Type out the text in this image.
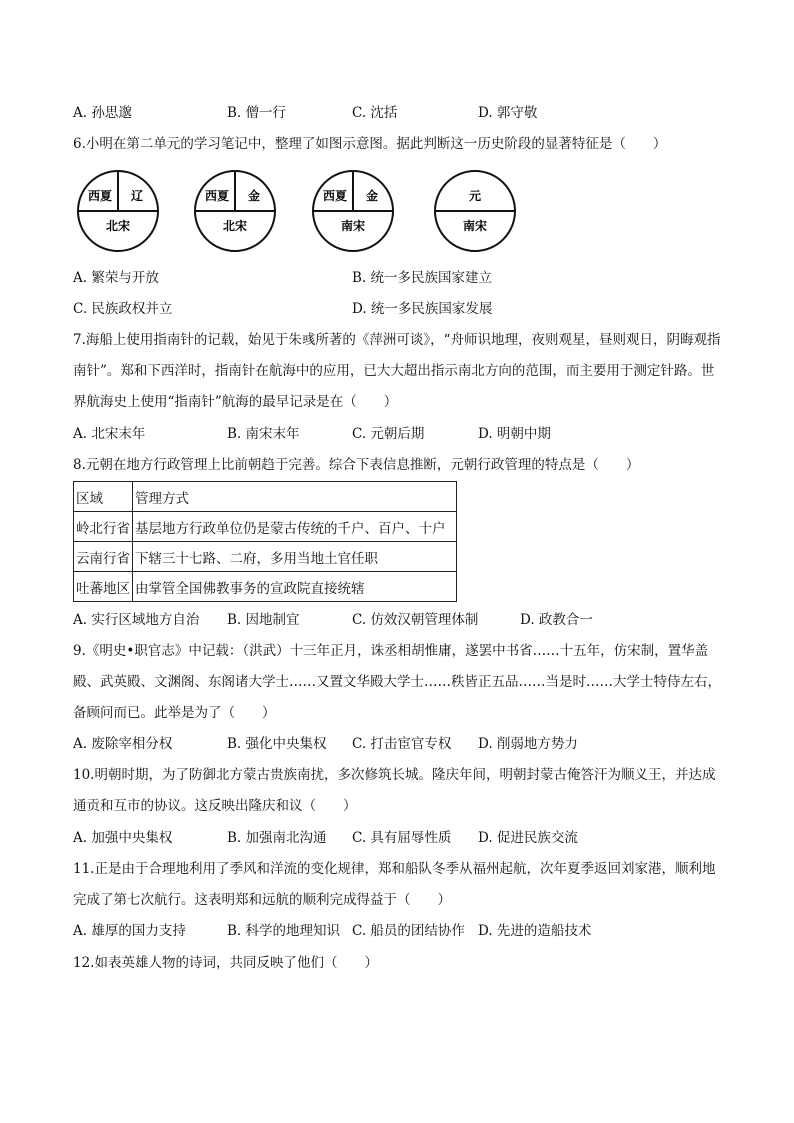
A. 孙思邈	B. 僧一行	C. 沈括	D. 郭守敬
6.小明在第二单元的学习笔记中，整理了如图示意图。据此判断这一历史阶段的显著特征是（　　）
西夏 辽
北宋
西夏 金
北宋
西夏 金
南宋
元
南宋
A. 繁荣与开放	B. 统一多民族国家建立
C. 民族政权并立	D. 统一多民族国家发展
7.海船上使用指南针的记载，始见于朱彧所著的《萍洲可谈》，“舟师识地理，夜则观星，昼则观日，阴晦观指南针”。郑和下西洋时，指南针在航海中的应用，已大大超出指示南北方向的范围，而主要用于测定针路。世界航海史上使用“指南针”航海的最早记录是在（　　）
A. 北宋末年	B. 南宋末年	C. 元朝后期	D. 明朝中期
8.元朝在地方行政管理上比前朝趋于完善。综合下表信息推断，元朝行政管理的特点是（　　）
区域	管理方式
岭北行省	基层地方行政单位仍是蒙古传统的千户、百户、十户
云南行省	下辖三十七路、二府，多用当地土官任职
吐蕃地区	由掌管全国佛教事务的宣政院直接统辖
A. 实行区域地方自治 B. 因地制宜	C. 仿效汉朝管理体制	D. 政教合一
9.《明史•职官志》中记载：（洪武）十三年正月，诛丞相胡惟庸，遂罢中书省……十五年，仿宋制，置华盖殿、武英殿、文渊阁、东阁诸大学士……又置文华殿大学士……秩皆正五品……当是时……大学士特侍左右，备顾问而已。此举是为了（　　）
A. 废除宰相分权	B. 强化中央集权 C. 打击宦官专权 D. 削弱地方势力
10.明朝时期，为了防御北方蒙古贵族南扰，多次修筑长城。隆庆年间，明朝封蒙古俺答汗为顺义王，并达成通贡和互市的协议。这反映出隆庆和议（　　）
A. 加强中央集权	B. 加强南北沟通 C. 具有屈辱性质 D. 促进民族交流
11.正是由于合理地利用了季风和洋流的变化规律，郑和船队冬季从福州起航，次年夏季返回刘家港，顺利地完成了第七次航行。这表明郑和远航的顺利完成得益于（　　）
A. 雄厚的国力支持	B. 科学的地理知识 C. 船员的团结协作 D. 先进的造船技术
12.如表英雄人物的诗词，共同反映了他们（　　）
